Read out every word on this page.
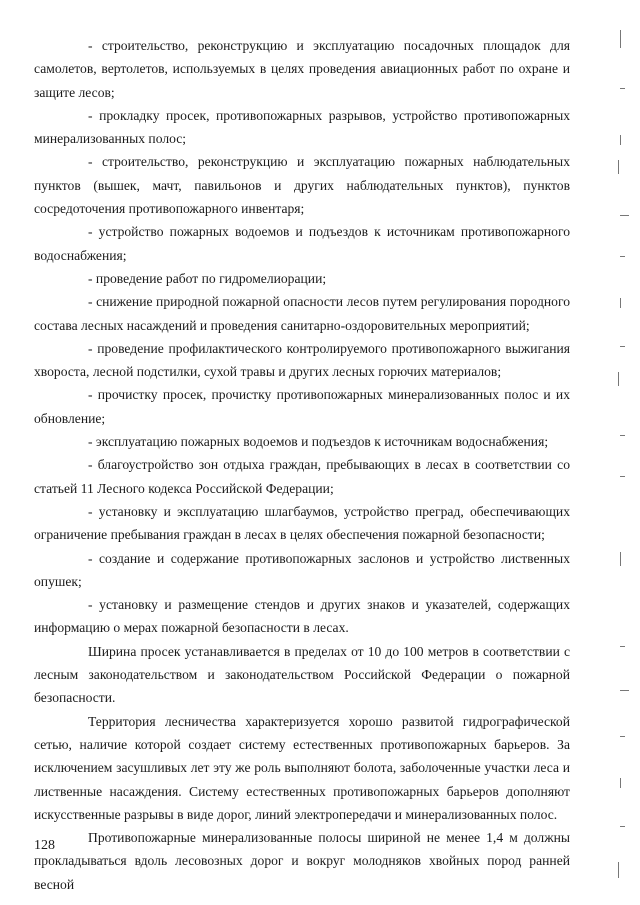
- строительство, реконструкцию и эксплуатацию посадочных площадок для самолетов, вертолетов, используемых в целях проведения авиационных работ по охране и защите лесов;

- прокладку просек, противопожарных разрывов, устройство противопожарных минерализованных полос;

- строительство, реконструкцию и эксплуатацию пожарных наблюдательных пунктов (вышек, мачт, павильонов и других наблюдательных пунктов), пунктов сосредоточения противопожарного инвентаря;

- устройство пожарных водоемов и подъездов к источникам противопожарного водоснабжения;

- проведение работ по гидромелиорации;

- снижение природной пожарной опасности лесов путем регулирования породного состава лесных насаждений и проведения санитарно-оздоровительных мероприятий;

- проведение профилактического контролируемого противопожарного выжигания хвороста, лесной подстилки, сухой травы и других лесных горючих материалов;

- прочистку просек, прочистку противопожарных минерализованных полос и их обновление;

- эксплуатацию пожарных водоемов и подъездов к источникам водоснабжения;

- благоустройство зон отдыха граждан, пребывающих в лесах в соответствии со статьей 11 Лесного кодекса Российской Федерации;

- установку и эксплуатацию шлагбаумов, устройство преград, обеспечивающих ограничение пребывания граждан в лесах в целях обеспечения пожарной безопасности;

- создание и содержание противопожарных заслонов и устройство лиственных опушек;

- установку и размещение стендов и других знаков и указателей, содержащих информацию о мерах пожарной безопасности в лесах.

Ширина просек устанавливается в пределах от 10 до 100 метров в соответствии с лесным законодательством и законодательством Российской Федерации о пожарной безопасности.

Территория лесничества характеризуется хорошо развитой гидрографической сетью, наличие которой создает систему естественных противопожарных барьеров. За исключением засушливых лет эту же роль выполняют болота, заболоченные участки леса и лиственные насаждения. Систему естественных противопожарных барьеров дополняют искусственные разрывы в виде дорог, линий электропередачи и минерализованных полос.

Противопожарные минерализованные полосы шириной не менее 1,4 м должны прокладываться вдоль лесовозных дорог и вокруг молодняков хвойных пород ранней весной

128
